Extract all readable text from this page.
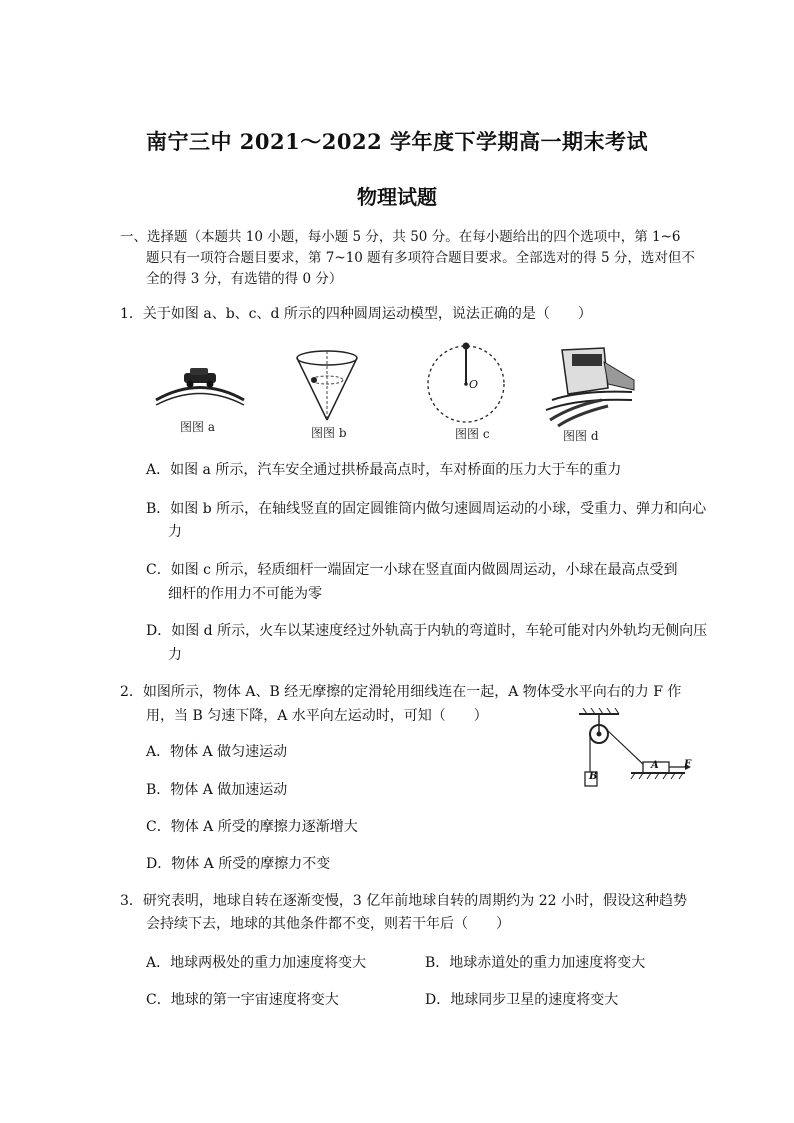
南宁三中 2021～2022 学年度下学期高一期末考试
物理试题
一、选择题（本题共 10 小题，每小题 5 分，共 50 分。在每小题给出的四个选项中，第 1~6
题只有一项符合题目要求，第 7~10 题有多项符合题目要求。全部选对的得 5 分，选对但不
全的得 3 分，有选错的得 0 分）
1．关于如图 a、b、c、d 所示的四种圆周运动模型，说法正确的是（　　）
图图 a	图图 b
O
图图 c	图图 d
A．如图 a 所示，汽车安全通过拱桥最高点时，车对桥面的压力大于车的重力
B．如图 b 所示，在轴线竖直的固定圆锥筒内做匀速圆周运动的小球，受重力、弹力和向心
力
C．如图 c 所示，轻质细杆一端固定一小球在竖直面内做圆周运动，小球在最高点受到
细杆的作用力不可能为零
D．如图 d 所示，火车以某速度经过外轨高于内轨的弯道时，车轮可能对内外轨均无侧向压
力
2．如图所示，物体 A、B 经无摩擦的定滑轮用细线连在一起，A 物体受水平向右的力 F 作
用，当 B 匀速下降，A 水平向左运动时，可知（　　）
B
A	F
A．物体 A 做匀速运动
B．物体 A 做加速运动
C．物体 A 所受的摩擦力逐渐增大
D．物体 A 所受的摩擦力不变
3．研究表明，地球自转在逐渐变慢，3 亿年前地球自转的周期约为 22 小时，假设这种趋势
会持续下去，地球的其他条件都不变，则若干年后（　　）
A．地球两极处的重力加速度将变大	B．地球赤道处的重力加速度将变大
C．地球的第一宇宙速度将变大	D．地球同步卫星的速度将变大
